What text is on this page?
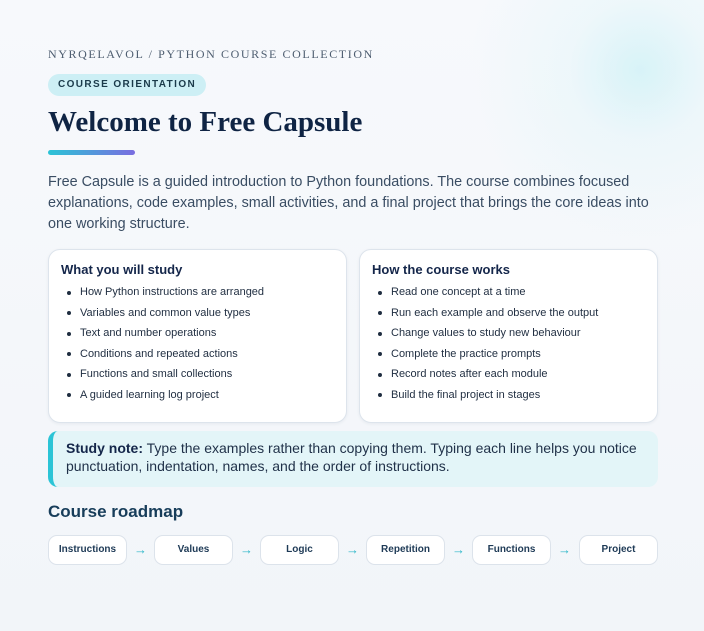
NYRQELAVOL / PYTHON COURSE COLLECTION
COURSE ORIENTATION
Welcome to Free Capsule

Free Capsule is a guided introduction to Python foundations. The course combines focused explanations, code examples, small activities, and a final project that brings the core ideas into one working structure.

What you will study
How Python instructions are arranged
Variables and common value types
Text and number operations
Conditions and repeated actions
Functions and small collections
A guided learning log project
How the course works
Read one concept at a time
Run each example and observe the output
Change values to study new behaviour
Complete the practice prompts
Record notes after each module
Build the final project in stages
Study note: Type the examples rather than copying them. Typing each line helps you notice punctuation, indentation, names, and the order of instructions.
Course roadmap
Instructions	→	Values	→	Logic	→	Repetition	→	Functions	→	Project
